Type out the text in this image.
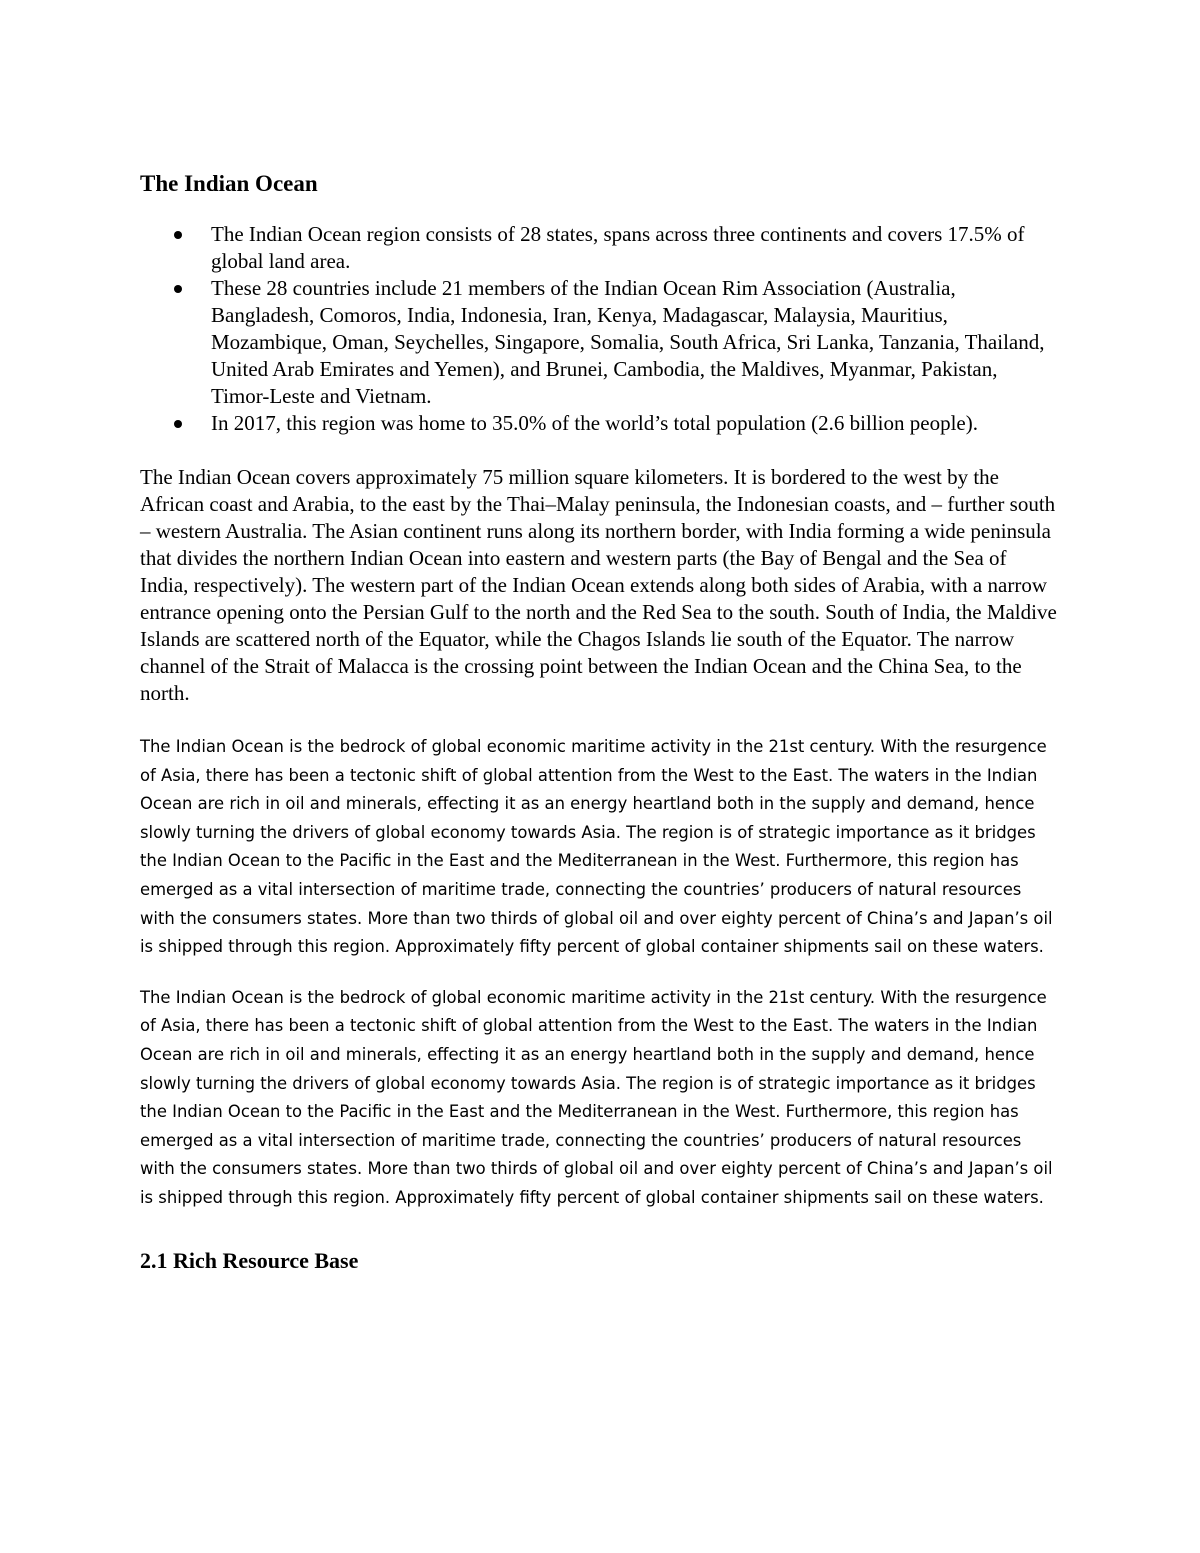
The Indian Ocean
The Indian Ocean region consists of 28 states, spans across three continents and covers 17.5% of global land area.
These 28 countries include 21 members of the Indian Ocean Rim Association (Australia, Bangladesh, Comoros, India, Indonesia, Iran, Kenya, Madagascar, Malaysia, Mauritius, Mozambique, Oman, Seychelles, Singapore, Somalia, South Africa, Sri Lanka, Tanzania, Thailand, United Arab Emirates and Yemen), and Brunei, Cambodia, the Maldives, Myanmar, Pakistan, Timor-Leste and Vietnam.
In 2017, this region was home to 35.0% of the world’s total population (2.6 billion people).

The Indian Ocean covers approximately 75 million square kilometers. It is bordered to the west by the African coast and Arabia, to the east by the Thai–Malay peninsula, the Indonesian coasts, and – further south – western Australia. The Asian continent runs along its northern border, with India forming a wide peninsula that divides the northern Indian Ocean into eastern and western parts (the Bay of Bengal and the Sea of India, respectively). The western part of the Indian Ocean extends along both sides of Arabia, with a narrow entrance opening onto the Persian Gulf to the north and the Red Sea to the south. South of India, the Maldive Islands are scattered north of the Equator, while the Chagos Islands lie south of the Equator. The narrow channel of the Strait of Malacca is the crossing point between the Indian Ocean and the China Sea, to the north.

The Indian Ocean is the bedrock of global economic maritime activity in the 21st century. With the resurgence of Asia, there has been a tectonic shift of global attention from the West to the East. The waters in the Indian Ocean are rich in oil and minerals, effecting it as an energy heartland both in the supply and demand, hence slowly turning the drivers of global economy towards Asia. The region is of strategic importance as it bridges the Indian Ocean to the Pacific in the East and the Mediterranean in the West. Furthermore, this region has emerged as a vital intersection of maritime trade, connecting the countries’ producers of natural resources with the consumers states. More than two thirds of global oil and over eighty percent of China’s and Japan’s oil is shipped through this region. Approximately fifty percent of global container shipments sail on these waters.

The Indian Ocean is the bedrock of global economic maritime activity in the 21st century. With the resurgence of Asia, there has been a tectonic shift of global attention from the West to the East. The waters in the Indian Ocean are rich in oil and minerals, effecting it as an energy heartland both in the supply and demand, hence slowly turning the drivers of global economy towards Asia. The region is of strategic importance as it bridges the Indian Ocean to the Pacific in the East and the Mediterranean in the West. Furthermore, this region has emerged as a vital intersection of maritime trade, connecting the countries’ producers of natural resources with the consumers states. More than two thirds of global oil and over eighty percent of China’s and Japan’s oil is shipped through this region. Approximately fifty percent of global container shipments sail on these waters.

2.1 Rich Resource Base
